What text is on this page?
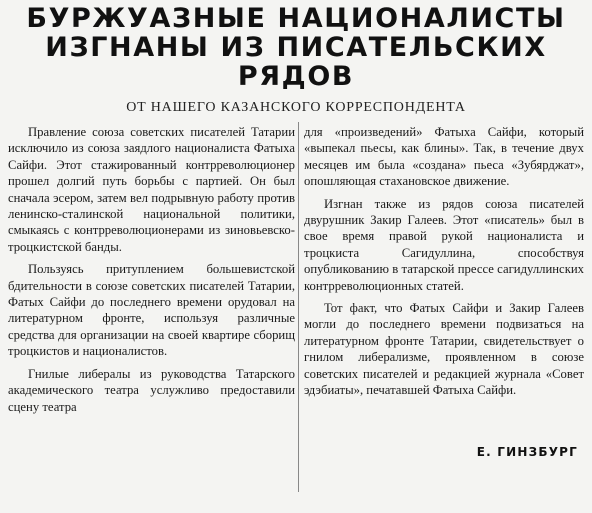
БУРЖУАЗНЫЕ НАЦИОНАЛИСТЫ
ИЗГНАНЫ ИЗ ПИСАТЕЛЬСКИХ
РЯДОВ
ОТ НАШЕГО КАЗАНСКОГО КОРРЕСПОНДЕНТА

Правление союза советских писателей Татарии исключило из союза заядлого националиста Фатыха Сайфи. Этот стажированный контрреволюционер прошел долгий путь борьбы с партией. Он был сначала эсером, затем вел подрывную работу против ленинско-сталинской национальной политики, смыкаясь с контрреволюционерами из зиновьевско-троцкистской банды.

Пользуясь притуплением большевистской бдительности в союзе советских писателей Татарии, Фатых Сайфи до последнего времени орудовал на литературном фронте, используя различные средства для организации на своей квартире сборищ троцкистов и националистов.

Гнилые либералы из руководства Татарского академического театра услужливо предоставили сцену театра

для «произведений» Фатыха Сайфи, который «выпекал пьесы, как блины». Так, в течение двух месяцев им была «создана» пьеса «Зубярджат», опошляющая стахановское движение.

Изгнан также из рядов союза писателей двурушник Закир Галеев. Этот «писатель» был в свое время правой рукой националиста и троцкиста Сагидуллина, способствуя опубликованию в татарской прессе сагидуллинских контрреволюционных статей.

Тот факт, что Фатых Сайфи и Закир Галеев могли до последнего времени подвизаться на литературном фронте Татарии, свидетельствует о гнилом либерализме, проявленном в союзе советских писателей и редакцией журнала «Совет эдэбиаты», печатавшей Фатыха Сайфи.

Е. ГИНЗБУРГ
